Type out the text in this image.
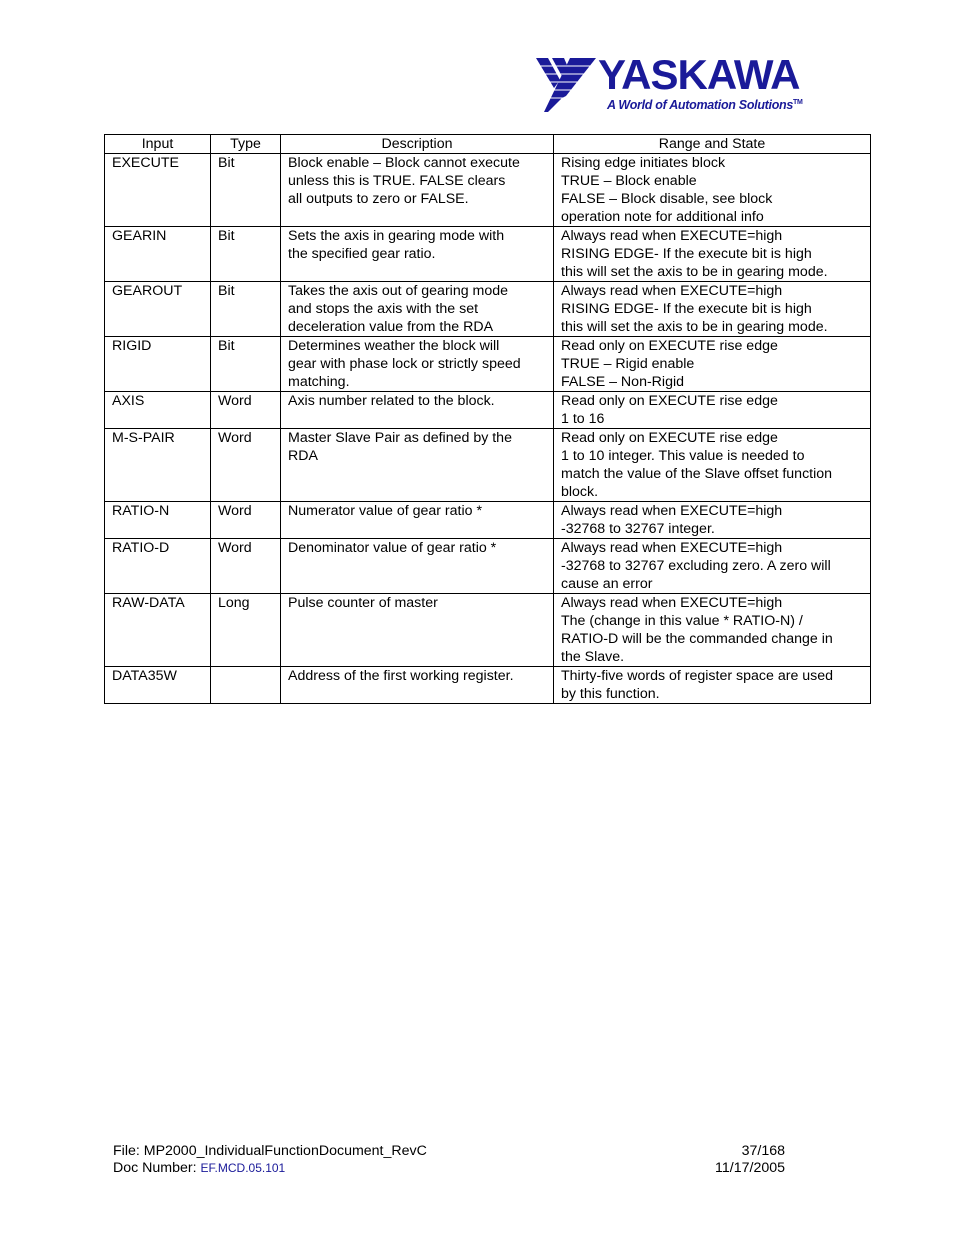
YASKAWA
A World of Automation Solutions™
Input	Type	Description	Range and State
EXECUTE	Bit	Block enable – Block cannot execute
unless this is TRUE. FALSE clears
all outputs to zero or FALSE.	Rising edge initiates block
TRUE – Block enable
FALSE – Block disable, see block
operation note for additional info

GEARIN	Bit	Sets the axis in gearing mode with
the specified gear ratio.	Always read when EXECUTE=high
RISING EDGE- If the execute bit is high
this will set the axis to be in gearing mode.

GEAROUT	Bit	Takes the axis out of gearing mode
and stops the axis with the set
deceleration value from the RDA	Always read when EXECUTE=high
RISING EDGE- If the execute bit is high
this will set the axis to be in gearing mode.

RIGID	Bit	Determines weather the block will
gear with phase lock or strictly speed
matching.	Read only on EXECUTE rise edge
TRUE – Rigid enable
FALSE – Non-Rigid

AXIS	Word	Axis number related to the block.	Read only on EXECUTE rise edge
1 to 16

M-S-PAIR	Word	Master Slave Pair as defined by the
RDA	Read only on EXECUTE rise edge
1 to 10 integer. This value is needed to
match the value of the Slave offset function
block.

RATIO-N	Word	Numerator value of gear ratio *	Always read when EXECUTE=high
-32768 to 32767 integer.

RATIO-D	Word	Denominator value of gear ratio *	Always read when EXECUTE=high
-32768 to 32767 excluding zero. A zero will
cause an error

RAW-DATA	Long	Pulse counter of master	Always read when EXECUTE=high
The (change in this value * RATIO-N) /
RATIO-D will be the commanded change in
the Slave.

DATA35W		Address of the first working register.	Thirty-five words of register space are used
by this function.
File: MP2000_IndividualFunctionDocument_RevC	37/168
Doc Number: EF.MCD.05.101	11/17/2005
